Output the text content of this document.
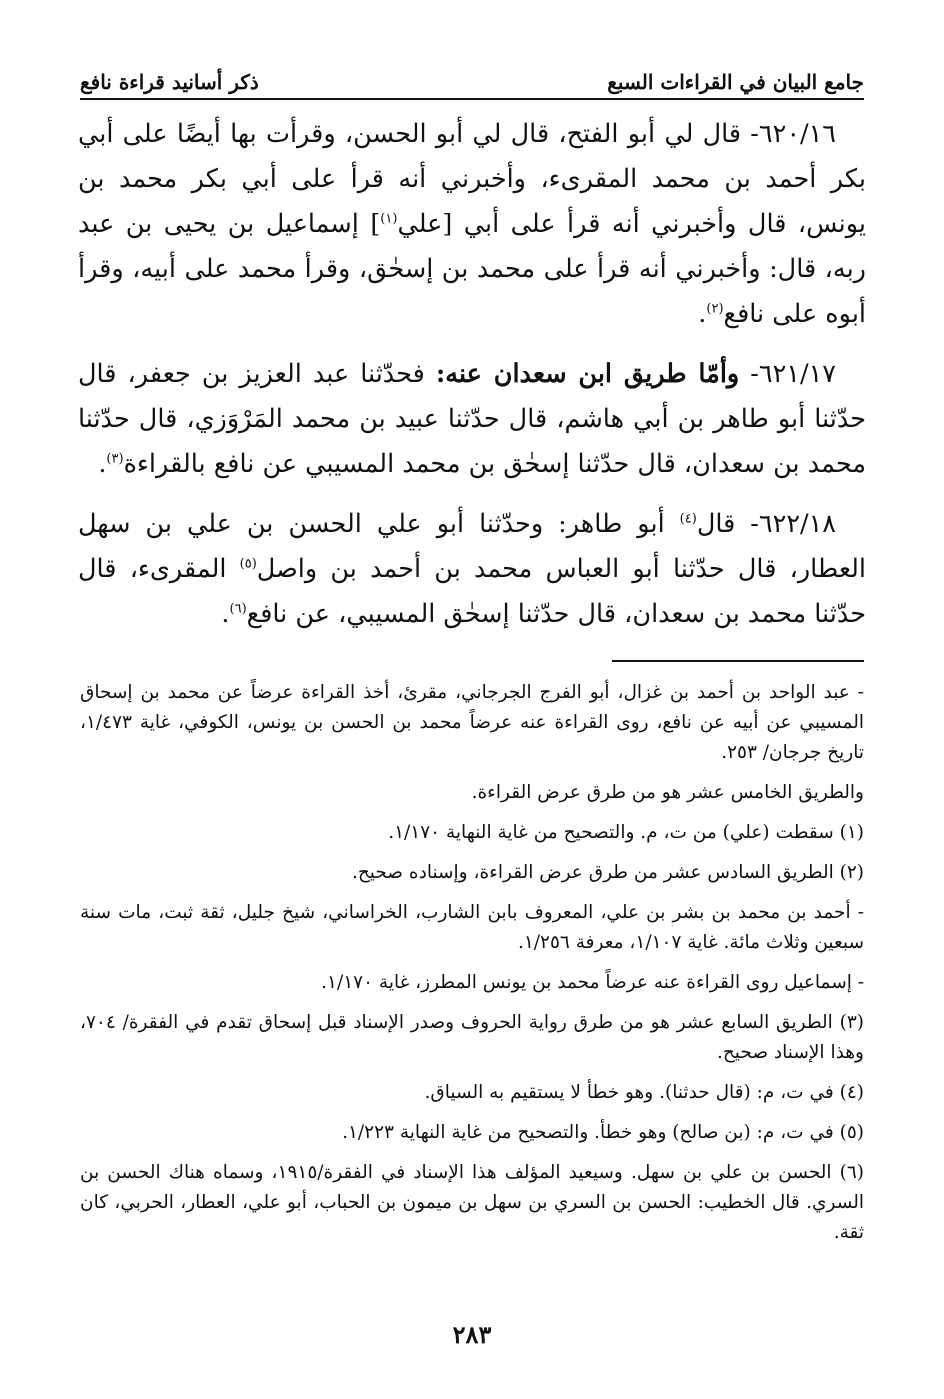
جامع البيان في القراءات السبع
ذكر أسانيد قراءة نافع

٦٢٠/١٦- قال لي أبو الفتح، قال لي أبو الحسن، وقرأت بها أيضًا على أبي بكر أحمد بن محمد المقرىء، وأخبرني أنه قرأ على أبي بكر محمد بن يونس، قال وأخبرني أنه قرأ على أبي [علي$^{(١)}$] إسماعيل بن يحيى بن عبد ربه، قال: وأخبرني أنه قرأ على محمد بن إسحٰق، وقرأ محمد على أبيه، وقرأ أبوه على نافع$^{(٢)}$.

٦٢١/١٧- وأمّا طريق ابن سعدان عنه: فحدّثنا عبد العزيز بن جعفر، قال حدّثنا أبو طاهر بن أبي هاشم، قال حدّثنا عبيد بن محمد المَرْوَزي، قال حدّثنا محمد بن سعدان، قال حدّثنا إسحٰق بن محمد المسيبي عن نافع بالقراءة$^{(٣)}$.

٦٢٢/١٨- قال$^{(٤)}$ أبو طاهر: وحدّثنا أبو علي الحسن بن علي بن سهل العطار، قال حدّثنا أبو العباس محمد بن أحمد بن واصل$^{(٥)}$ المقرىء، قال حدّثنا محمد بن سعدان، قال حدّثنا إسحٰق المسيبي، عن نافع$^{(٦)}$.

- عبد الواحد بن أحمد بن غزال، أبو الفرج الجرجاني، مقرئ، أخذ القراءة عرضاً عن محمد بن إسحاق المسيبي عن أبيه عن نافع، روى القراءة عنه عرضاً محمد بن الحسن بن يونس، الكوفي، غاية ١/٤٧٣، تاريخ جرجان/ ٢٥٣.

والطريق الخامس عشر هو من طرق عرض القراءة.

(١) سقطت (علي) من ت، م. والتصحيح من غاية النهاية ١/١٧٠.

(٢) الطريق السادس عشر من طرق عرض القراءة، وإسناده صحيح.

- أحمد بن محمد بن بشر بن علي، المعروف بابن الشارب، الخراساني، شيخ جليل، ثقة ثبت، مات سنة سبعين وثلاث مائة. غاية ١/١٠٧، معرفة ١/٢٥٦.

- إسماعيل روى القراءة عنه عرضاً محمد بن يونس المطرز، غاية ١/١٧٠.

(٣) الطريق السابع عشر هو من طرق رواية الحروف وصدر الإسناد قبل إسحاق تقدم في الفقرة/ ٧٠٤، وهذا الإسناد صحيح.

(٤) في ت، م: (قال حدثنا). وهو خطأ لا يستقيم به السياق.

(٥) في ت، م: (بن صالح) وهو خطأ. والتصحيح من غاية النهاية ١/٢٢٣.

(٦) الحسن بن علي بن سهل. وسيعيد المؤلف هذا الإسناد في الفقرة/١٩١٥، وسماه هناك الحسن بن السري. قال الخطيب: الحسن بن السري بن سهل بن ميمون بن الحباب، أبو علي، العطار، الحربي، كان ثقة.

٢٨٣
